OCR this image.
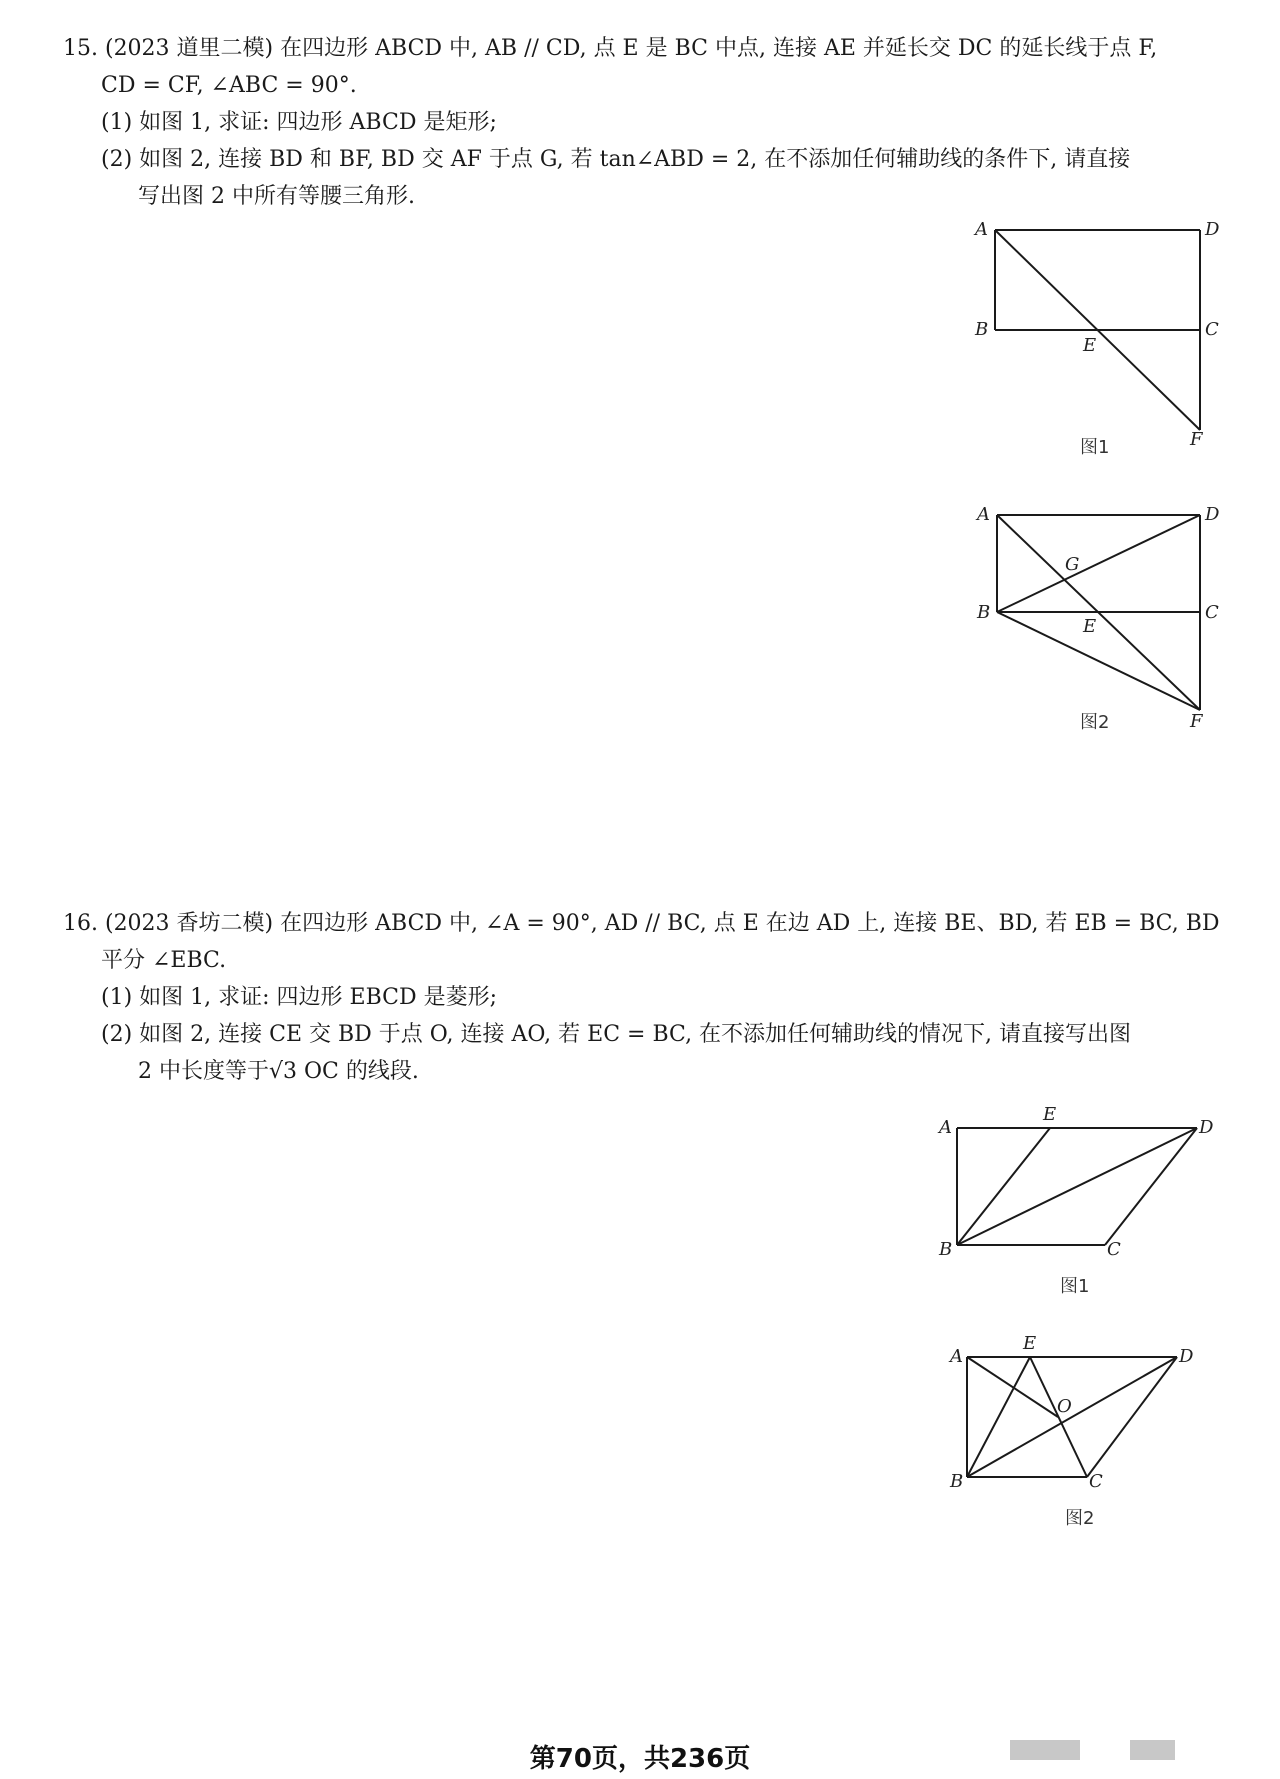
15. (2023 道里二模) 在四边形 ABCD 中, AB // CD, 点 E 是 BC 中点, 连接 AE 并延长交 DC 的延长线于点 F,
CD = CF, ∠ABC = 90°.
(1) 如图 1, 求证: 四边形 ABCD 是矩形;
(2) 如图 2, 连接 BD 和 BF, BD 交 AF 于点 G, 若 tan∠ABD = 2, 在不添加任何辅助线的条件下, 请直接
写出图 2 中所有等腰三角形.
A
B	C
D
E
F
图1
A
B	C
D
E
F
G
图2
16. (2023 香坊二模) 在四边形 ABCD 中, ∠A = 90°, AD // BC, 点 E 在边 AD 上, 连接 BE、BD, 若 EB = BC, BD
平分 ∠EBC.
(1) 如图 1, 求证: 四边形 EBCD 是菱形;
(2) 如图 2, 连接 CE 交 BD 于点 O, 连接 AO, 若 EC = BC, 在不添加任何辅助线的情况下, 请直接写出图
2 中长度等于√3 OC 的线段.
A
B	C
D
E
图1
A
B	C
D
E
O
图2
第70页，共236页
